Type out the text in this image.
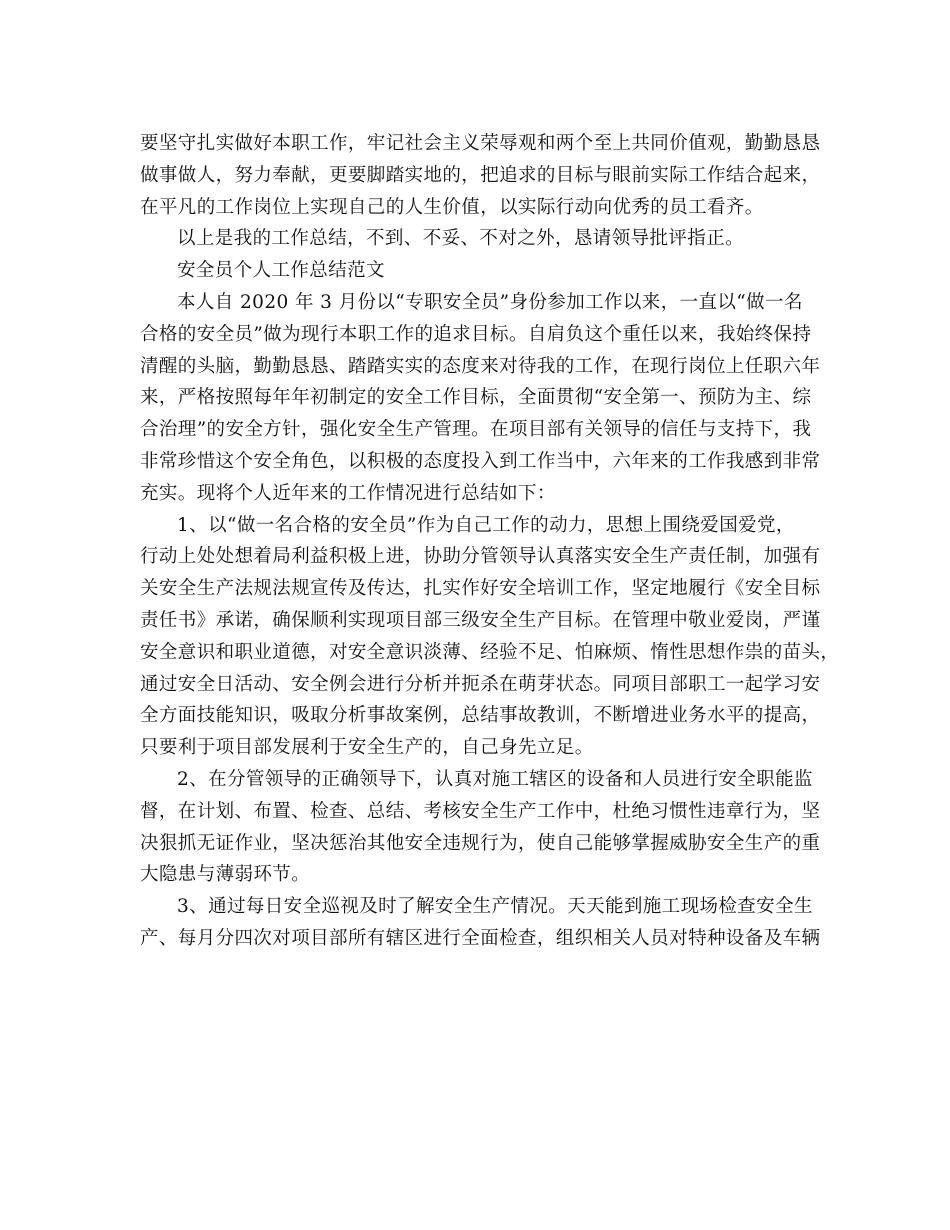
要坚守扎实做好本职工作，牢记社会主义荣辱观和两个至上共同价值观，勤勤恳恳
做事做人，努力奉献，更要脚踏实地的，把追求的目标与眼前实际工作结合起来，
在平凡的工作岗位上实现自己的人生价值，以实际行动向优秀的员工看齐。
以上是我的工作总结，不到、不妥、不对之外，恳请领导批评指正。
安全员个人工作总结范文
本人自 2020 年 3 月份以“专职安全员”身份参加工作以来，一直以“做一名
合格的安全员”做为现行本职工作的追求目标。自肩负这个重任以来，我始终保持
清醒的头脑，勤勤恳恳、踏踏实实的态度来对待我的工作，在现行岗位上任职六年
来，严格按照每年年初制定的安全工作目标，全面贯彻“安全第一、预防为主、综
合治理”的安全方针，强化安全生产管理。在项目部有关领导的信任与支持下，我
非常珍惜这个安全角色，以积极的态度投入到工作当中，六年来的工作我感到非常
充实。现将个人近年来的工作情况进行总结如下：
1、以“做一名合格的安全员”作为自己工作的动力，思想上围绕爱国爱党，
行动上处处想着局利益积极上进，协助分管领导认真落实安全生产责任制，加强有
关安全生产法规法规宣传及传达，扎实作好安全培训工作，坚定地履行《安全目标
责任书》承诺，确保顺利实现项目部三级安全生产目标。在管理中敬业爱岗，严谨
安全意识和职业道德，对安全意识淡薄、经验不足、怕麻烦、惰性思想作祟的苗头，
通过安全日活动、安全例会进行分析并扼杀在萌芽状态。同项目部职工一起学习安
全方面技能知识，吸取分析事故案例，总结事故教训，不断增进业务水平的提高，
只要利于项目部发展利于安全生产的，自己身先立足。
2、在分管领导的正确领导下，认真对施工辖区的设备和人员进行安全职能监
督，在计划、布置、检查、总结、考核安全生产工作中，杜绝习惯性违章行为，坚
决狠抓无证作业，坚决惩治其他安全违规行为，使自己能够掌握威胁安全生产的重
大隐患与薄弱环节。
3、通过每日安全巡视及时了解安全生产情况。天天能到施工现场检查安全生
产、每月分四次对项目部所有辖区进行全面检查，组织相关人员对特种设备及车辆
